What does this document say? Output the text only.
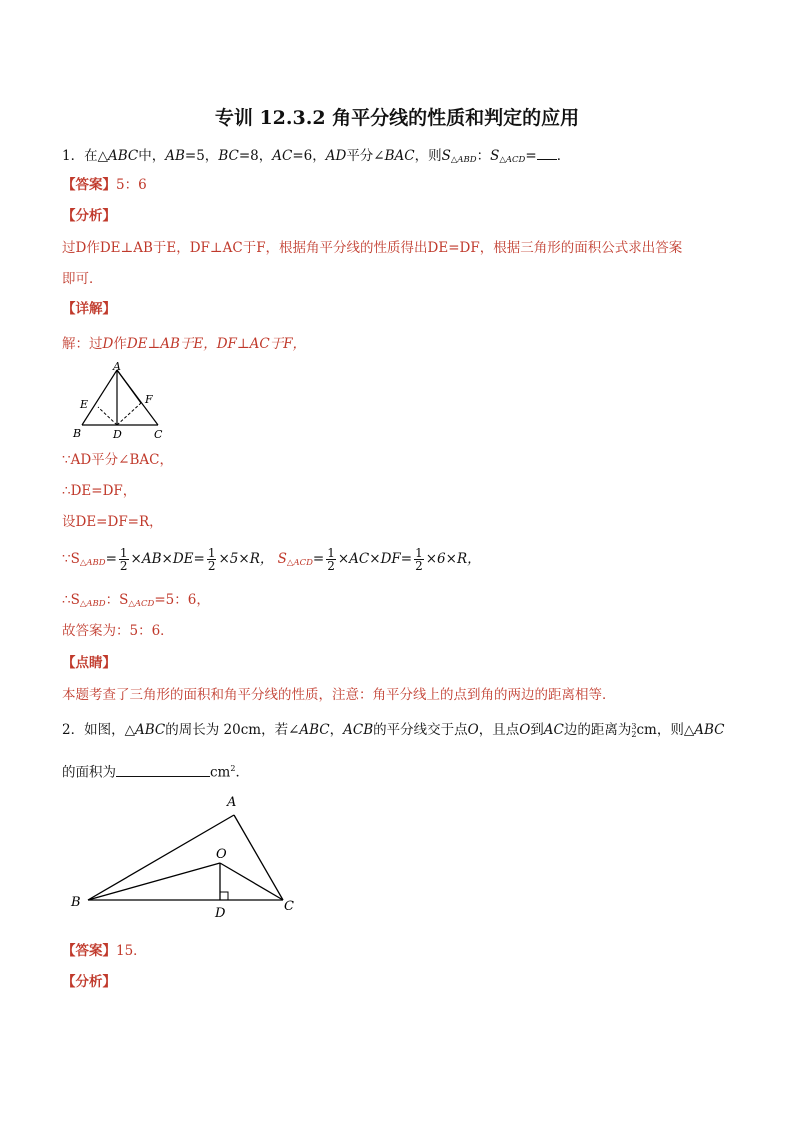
专训 12.3.2 角平分线的性质和判定的应用
1．在△ABC中，AB=5，BC=8，AC=6，AD平分∠BAC，则$S_{\triangle ABD}$：$S_{\triangle ACD}=$ ．
【答案】5：6
【分析】
过D作DE⊥AB于E，DF⊥AC于F，根据角平分线的性质得出DE=DF，根据三角形的面积公式求出答案
即可．
【详解】
解：过D作DE⊥AB于E，DF⊥AC于F，
A
E	F
B	D	C
∵AD平分∠BAC，
∴DE=DF，
设DE=DF=R，
$\because S_{\triangle ABD}= \frac{1}{2} \times AB\times DE= \frac{1}{2} \times 5\times R$， $S_{\triangle ACD}= \frac{1}{2} \times AC\times DF= \frac{1}{2} \times 6\times R$，
$\therefore S_{\triangle ABD}$：$S_{\triangle ACD}=5$：6，
故答案为：5：6．
【点睛】
本题考查了三角形的面积和角平分线的性质，注意：角平分线上的点到角的两边的距离相等．
2．如图，△ABC的周长为 20cm，若∠ABC，ACB的平分线交于点O，且点O到AC边的距离为 3
2 cm，则△ABC
的面积为	$cm^2$．
A
O
B
D	C
【答案】15．
【分析】
